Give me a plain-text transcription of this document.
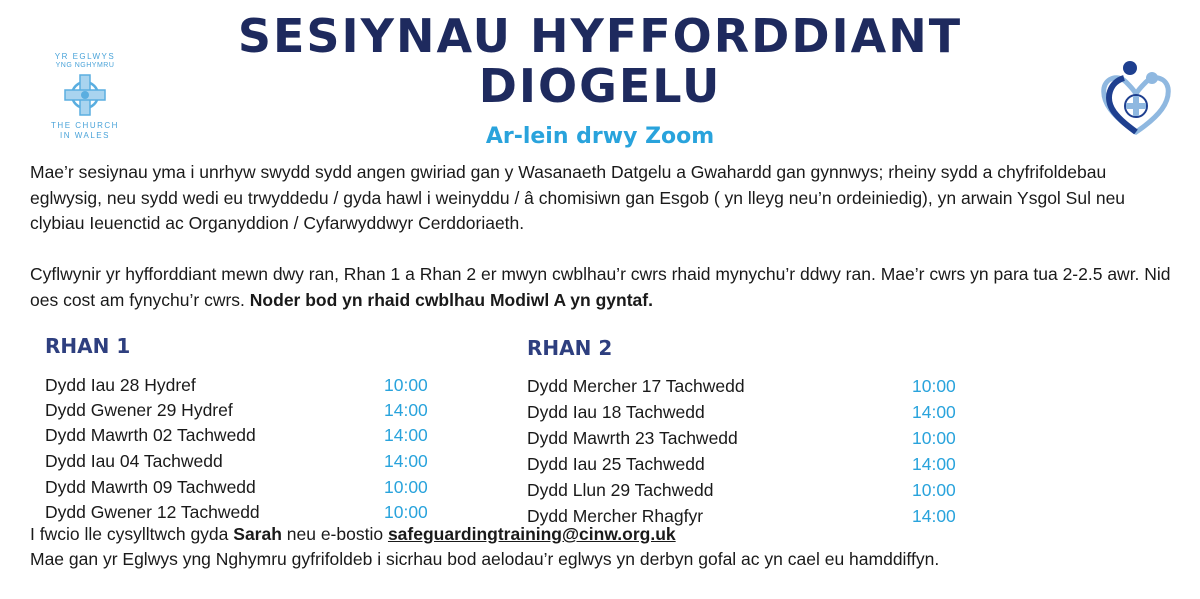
YR EGLWYS
YNG NGHYMRU
THE CHURCH
IN WALES
SESIYNAU HYFFORDDIANT
DIOGELU
Ar-lein drwy Zoom
Mae’r sesiynau yma i unrhyw swydd sydd angen gwiriad gan y Wasanaeth Datgelu a Gwahardd gan gynnwys; rheiny sydd a chyfrifoldebau eglwysig, neu sydd wedi eu trwyddedu / gyda hawl i weinyddu / â chomisiwn gan Esgob ( yn lleyg neu’n ordeiniedig), yn arwain Ysgol Sul neu clybiau Ieuenctid ac Organyddion / Cyfarwyddwyr Cerddoriaeth.
Cyflwynir yr hyfforddiant mewn dwy ran, Rhan 1 a Rhan 2 er mwyn cwblhau’r cwrs rhaid mynychu’r ddwy ran. Mae’r cwrs yn para tua 2-2.5 awr. Nid oes cost am fynychu’r cwrs. Noder bod yn rhaid cwblhau Modiwl A yn gyntaf.
RHAN 1
Dydd Iau 28 Hydref	10:00
Dydd Gwener 29 Hydref	14:00
Dydd Mawrth 02 Tachwedd	14:00
Dydd Iau 04 Tachwedd	14:00
Dydd Mawrth 09 Tachwedd	10:00
Dydd Gwener 12 Tachwedd	10:00
RHAN 2
Dydd Mercher 17 Tachwedd	10:00
Dydd Iau 18 Tachwedd	14:00
Dydd Mawrth 23 Tachwedd	10:00
Dydd Iau 25 Tachwedd	14:00
Dydd Llun 29 Tachwedd	10:00
Dydd Mercher Rhagfyr	14:00
I fwcio lle cysylltwch gyda Sarah neu e-bostio safeguardingtraining@cinw.org.uk
Mae gan yr Eglwys yng Nghymru gyfrifoldeb i sicrhau bod aelodau’r eglwys yn derbyn gofal ac yn cael eu hamddiffyn.
